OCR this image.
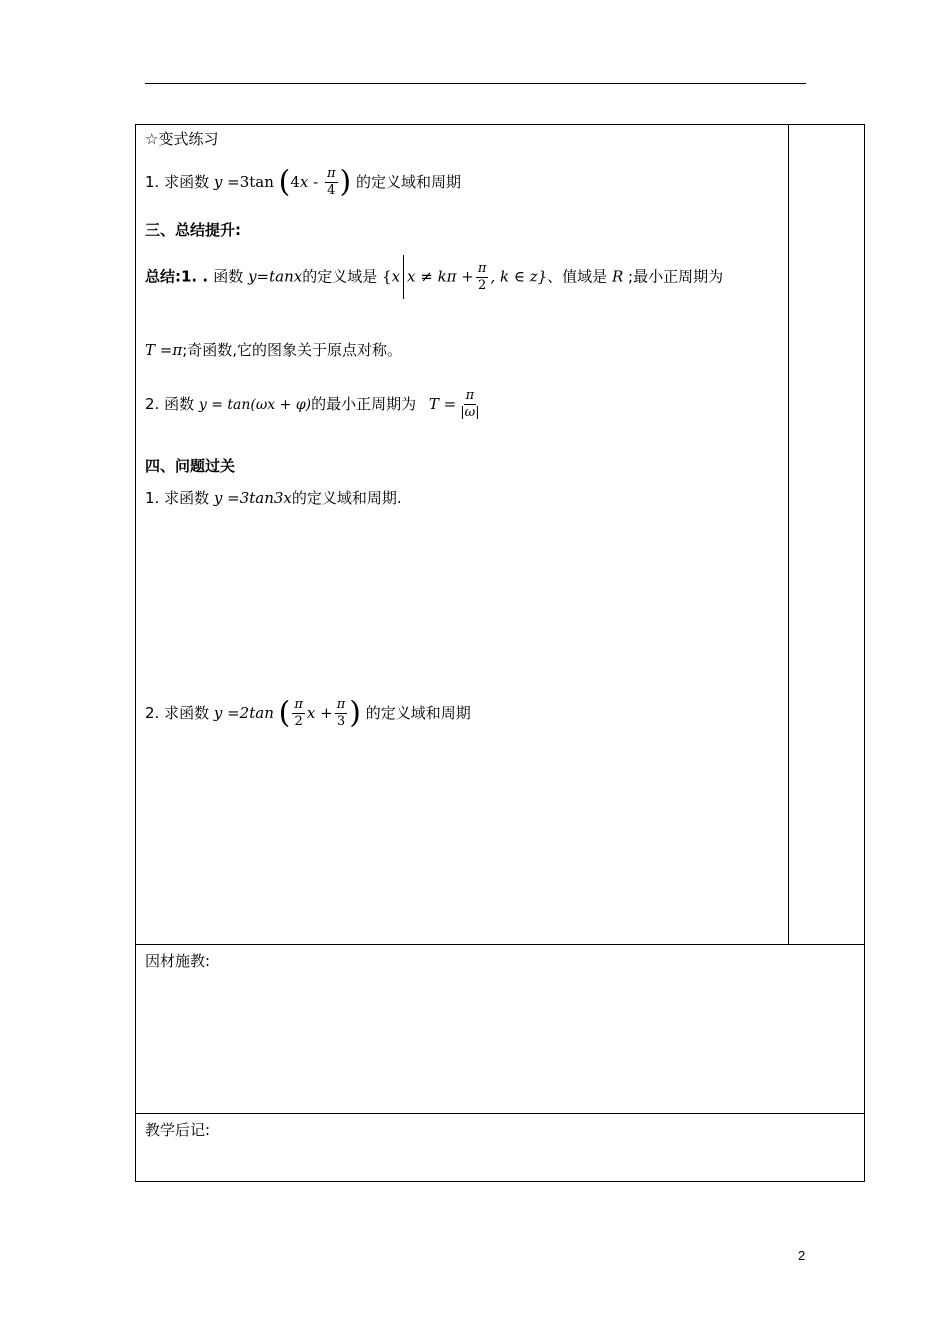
☆变式练习
1. 求函数 y =3tan ($4x - \frac{\pi}{4}$ ) 的定义域和周期
三、总结提升:
总结:1. . 函数 y=tanx的定义域是 {x $x \ne k\pi + \frac{\pi}{2}$ , k ∈ z}、值域是 R ;最小正周期为
T =π;奇函数,它的图象关于原点对称。
2. 函数 y = tan(ωx + φ)的最小正周期为 $T = \frac{\pi}{|\omega|}$
四、问题过关
1. 求函数 y =3tan3x的定义域和周期.
2. 求函数 y =2tan ( $\frac{\pi}{2}$ $x + \frac{\pi}{3}$ ) 的定义域和周期
因材施教:
教学后记:
2
